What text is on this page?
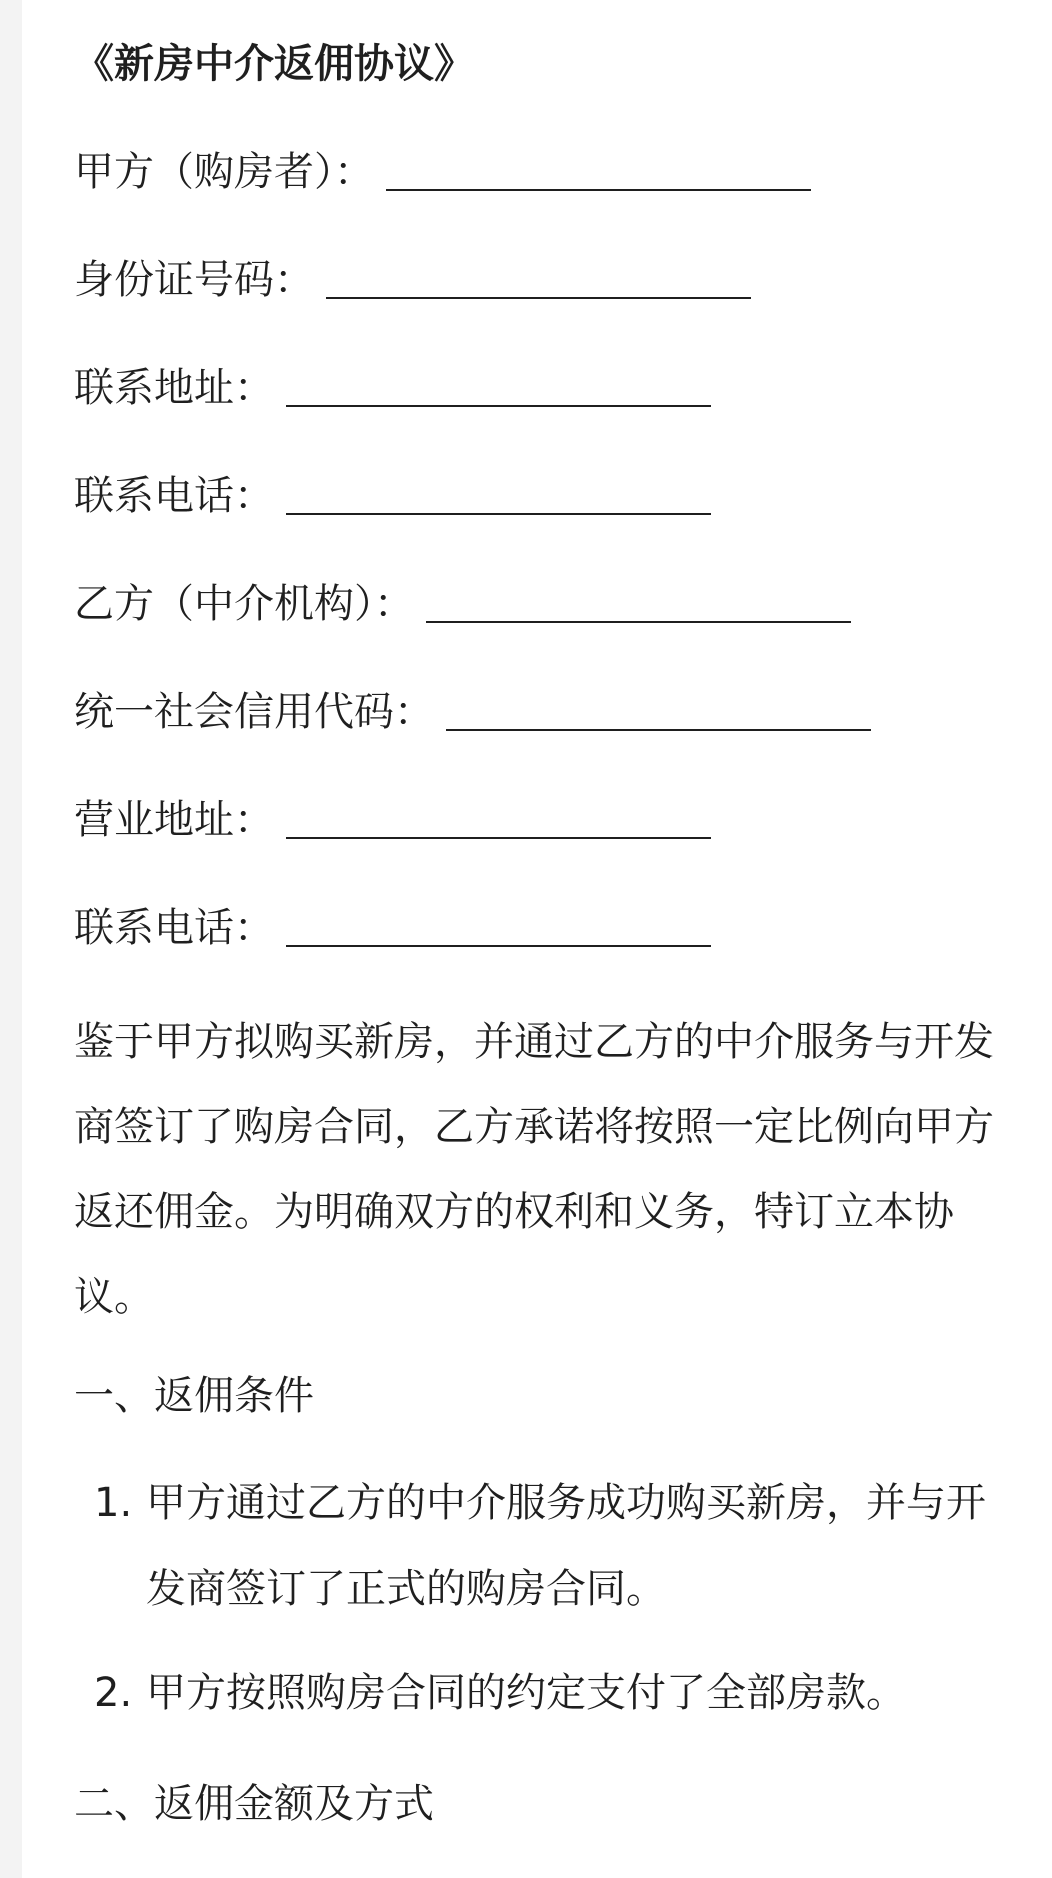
《新房中介返佣协议》
甲方（购房者）：
身份证号码：
联系地址：
联系电话：
乙方（中介机构）：
统一社会信用代码：
营业地址：
联系电话：

鉴于甲方拟购买新房，并通过乙方的中介服务与开发商签订了购房合同，乙方承诺将按照一定比例向甲方返还佣金。为明确双方的权利和义务，特订立本协议。

一、返佣条件
1. 甲方通过乙方的中介服务成功购买新房，并与开发商签订了正式的购房合同。
2. 甲方按照购房合同的约定支付了全部房款。
二、返佣金额及方式
